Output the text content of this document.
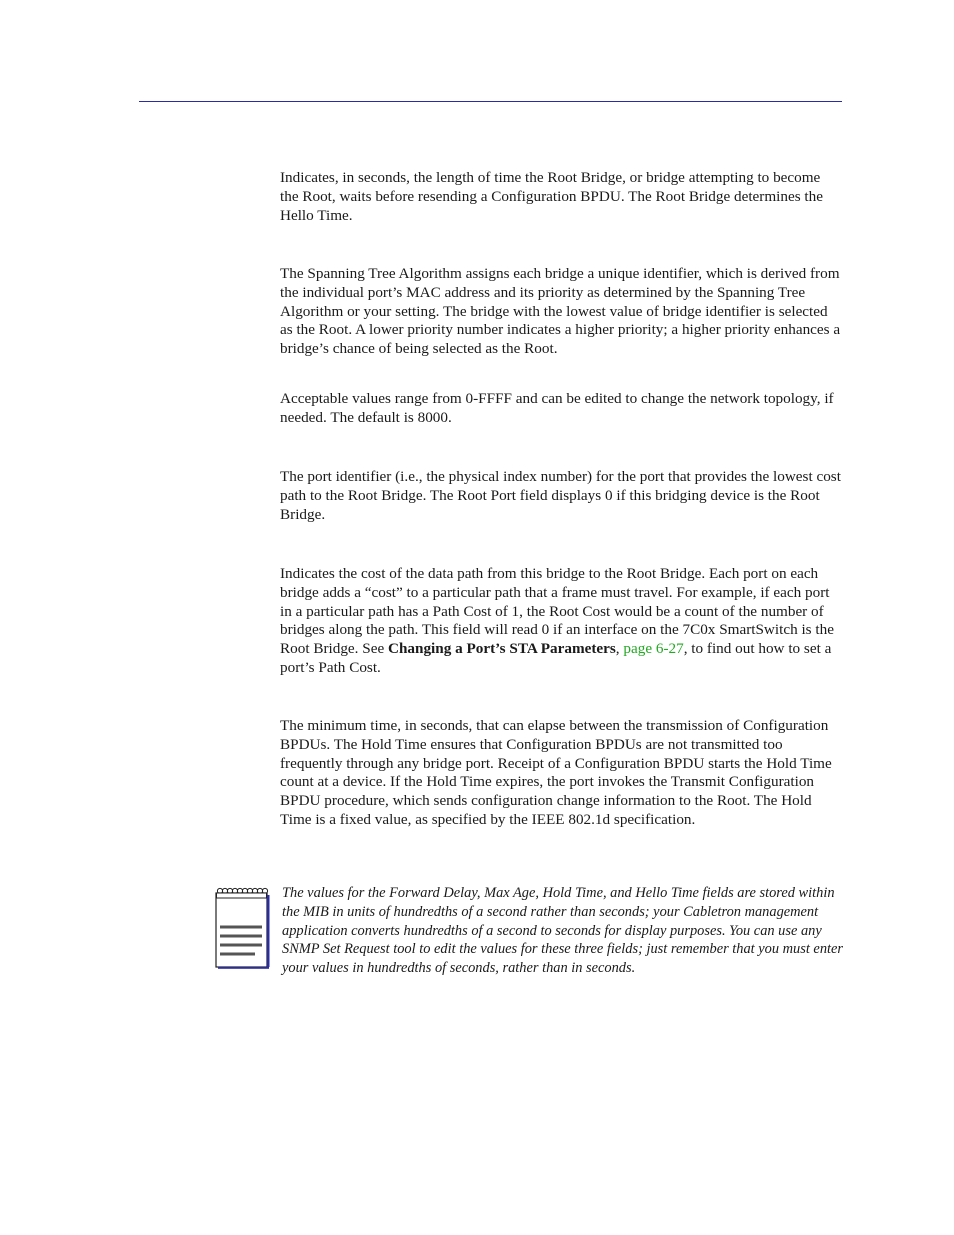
Indicates, in seconds, the length of time the Root Bridge, or bridge attempting to become the Root, waits before resending a Configuration BPDU. The Root Bridge determines the Hello Time.

The Spanning Tree Algorithm assigns each bridge a unique identifier, which is derived from the individual port’s MAC address and its priority as determined by the Spanning Tree Algorithm or your setting. The bridge with the lowest value of bridge identifier is selected as the Root. A lower priority number indicates a higher priority; a higher priority enhances a bridge’s chance of being selected as the Root.

Acceptable values range from 0-FFFF and can be edited to change the network topology, if needed. The default is 8000.

The port identifier (i.e., the physical index number) for the port that provides the lowest cost path to the Root Bridge. The Root Port field displays 0 if this bridging device is the Root Bridge.

Indicates the cost of the data path from this bridge to the Root Bridge. Each port on each bridge adds a “cost” to a particular path that a frame must travel. For example, if each port in a particular path has a Path Cost of 1, the Root Cost would be a count of the number of bridges along the path. This field will read 0 if an interface on the 7C0x SmartSwitch is the Root Bridge. See Changing a Port’s STA Parameters, page 6-27, to find out how to set a port’s Path Cost.

The minimum time, in seconds, that can elapse between the transmission of Configuration BPDUs. The Hold Time ensures that Configuration BPDUs are not transmitted too frequently through any bridge port. Receipt of a Configuration BPDU starts the Hold Time count at a device. If the Hold Time expires, the port invokes the Transmit Configuration BPDU procedure, which sends configuration change information to the Root. The Hold Time is a fixed value, as specified by the IEEE 802.1d specification.

The values for the Forward Delay, Max Age, Hold Time, and Hello Time fields are stored within the MIB in units of hundredths of a second rather than seconds; your Cabletron management application converts hundredths of a second to seconds for display purposes. You can use any SNMP Set Request tool to edit the values for these three fields; just remember that you must enter your values in hundredths of seconds, rather than in seconds.
